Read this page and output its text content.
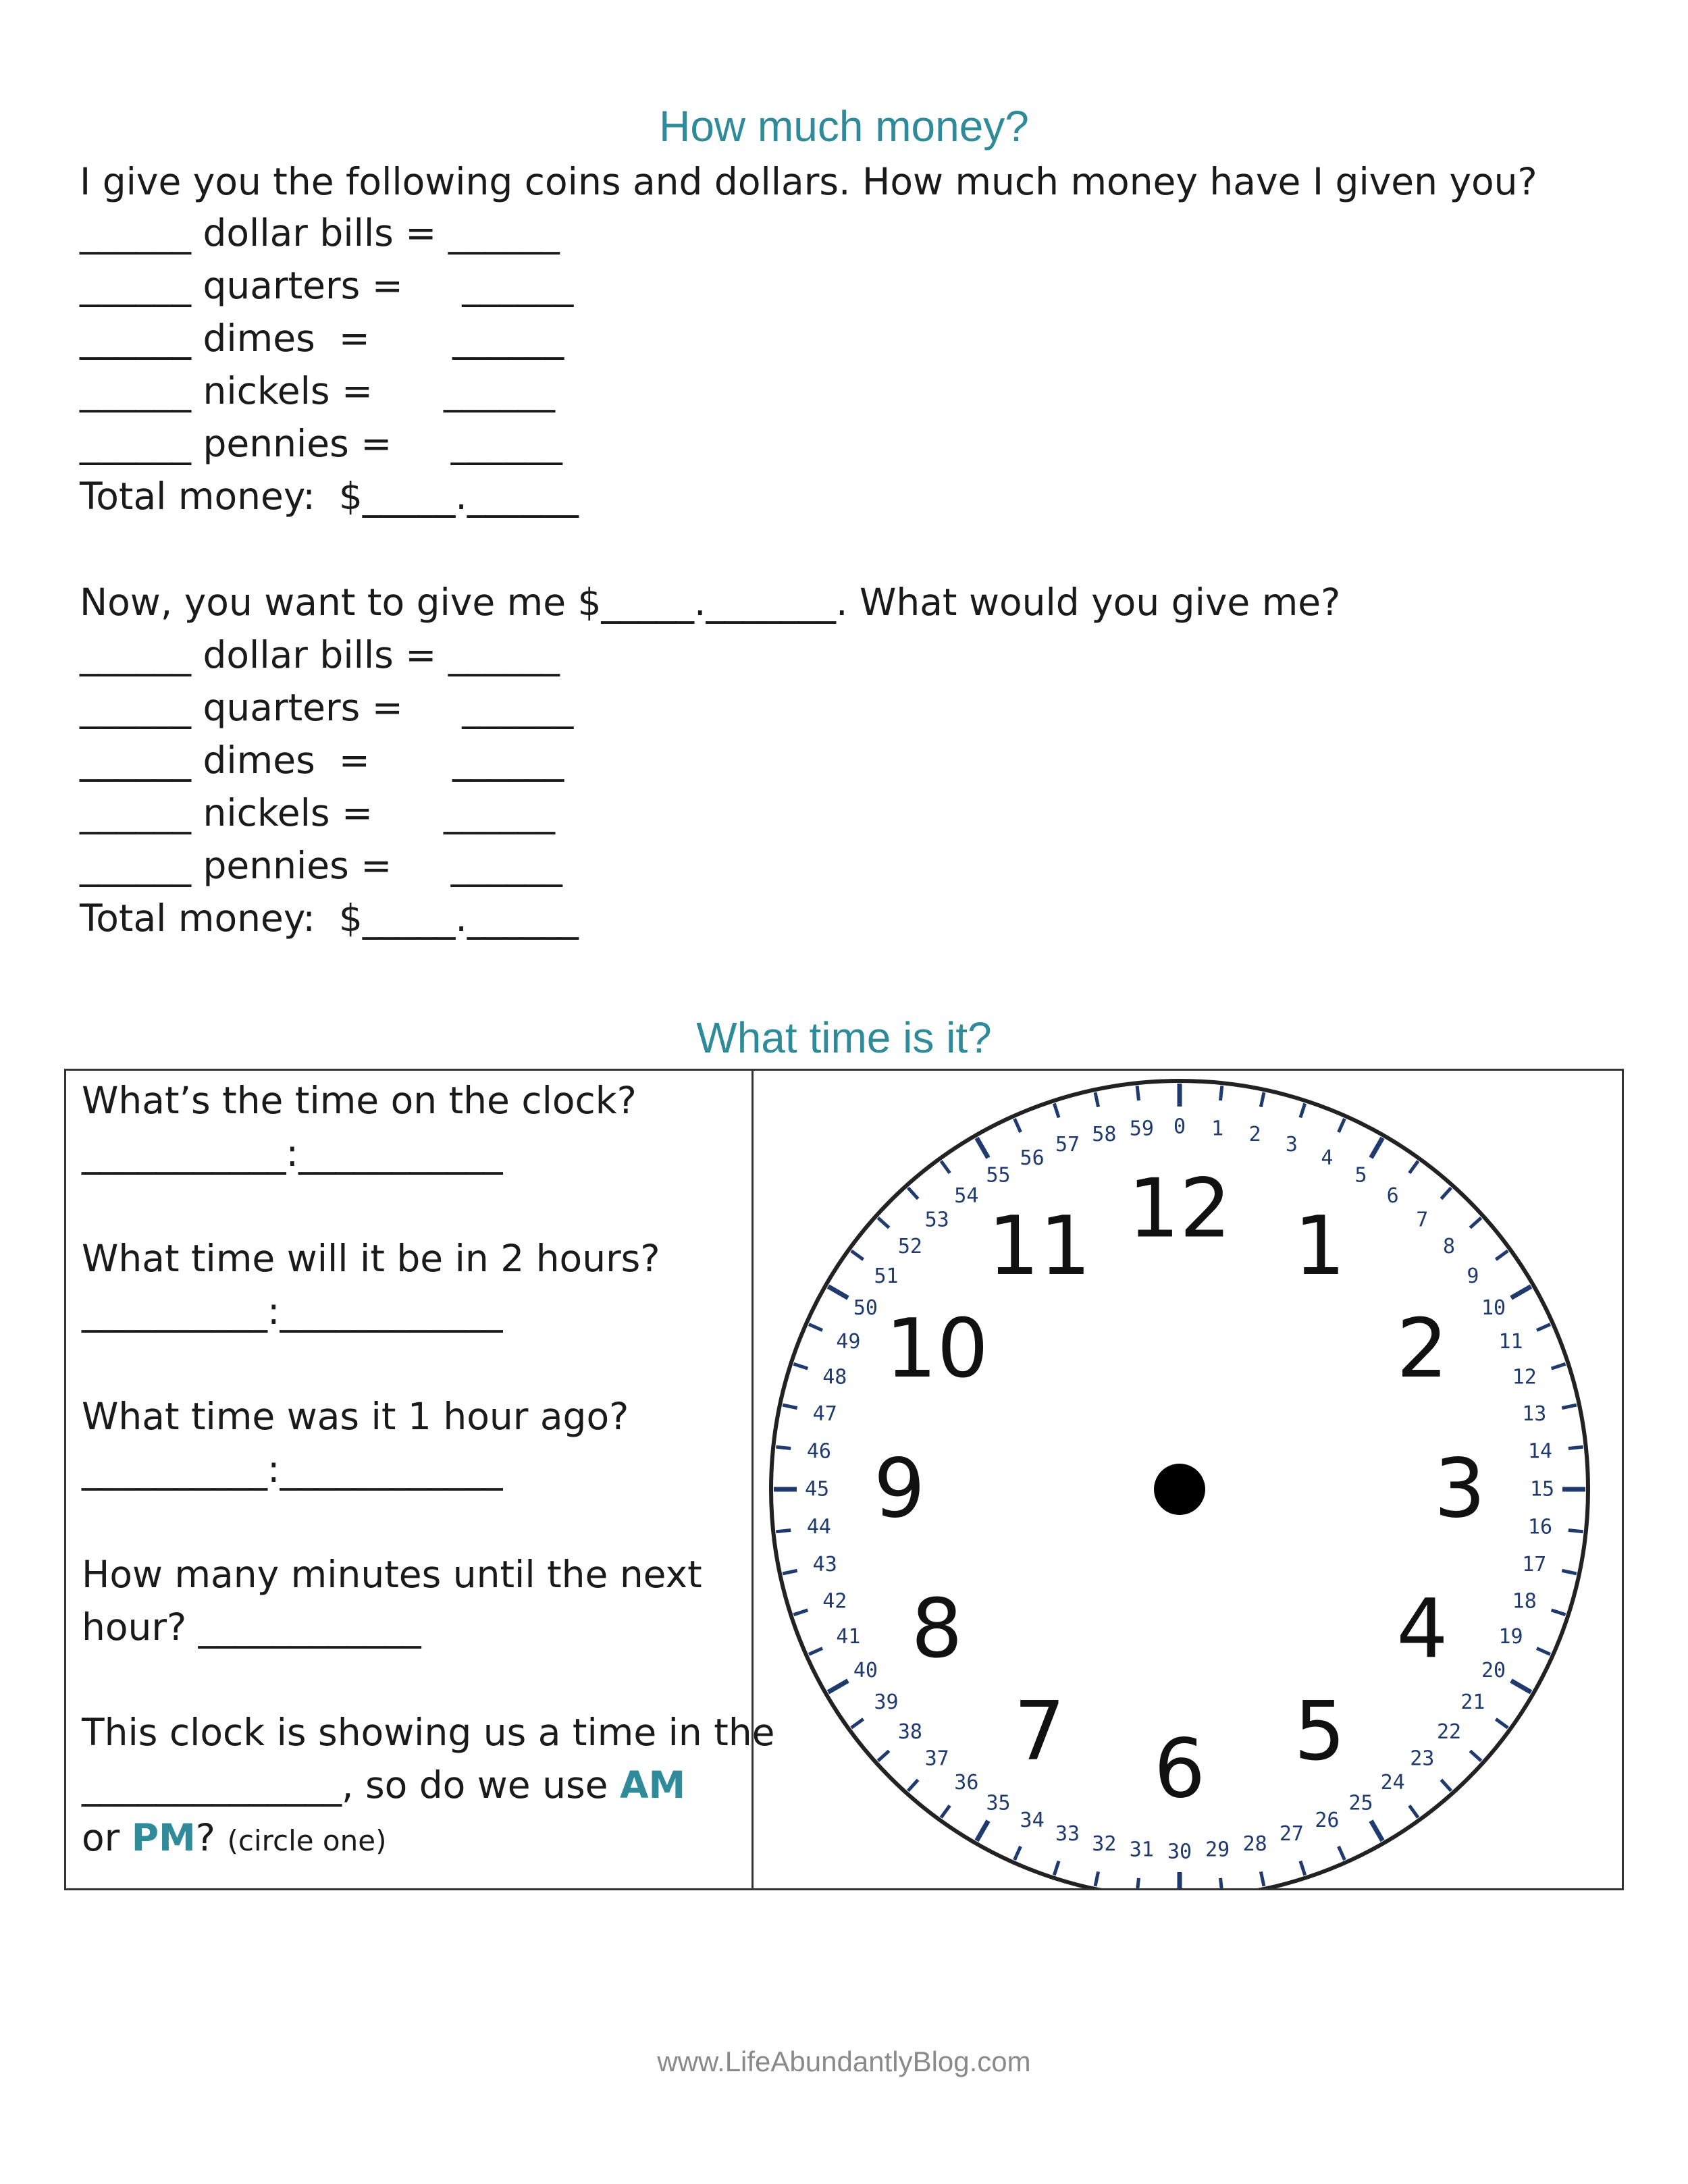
How much money?
I give you the following coins and dollars. How much money have I given you?
______ dollar bills = ______
______ quarters =     ______
______ dimes  =       ______
______ nickels =      ______
______ pennies =     ______
Total money:  $_____.______
Now, you want to give me $_____._______. What would you give me?
______ dollar bills = ______
______ quarters =     ______
______ dimes  =       ______
______ nickels =      ______
______ pennies =     ______
Total money:  $_____.______
What time is it?
What’s the time on the clock?
___________:___________
What time will it be in 2 hours?
__________:____________
What time was it 1 hour ago?
__________:____________
How many minutes until the next
hour? ____________
This clock is showing us a time in the
______________, so do we use AM
or PM? (circle one)
0 1 2 3
4
5
6
7
8
9
10
11
12
13
14
15
16
17
18
19
20
21
22
23
24
25
26
27
28
29
30
31
32
33
34
35
36
37
38
39
40
41
42
43
44
45
46
47
48
49
50
51
52
53
54
55
56
57 58 59
12 1
2
3
4
5
6
7
8
9
10
11
www.LifeAbundantlyBlog.com
